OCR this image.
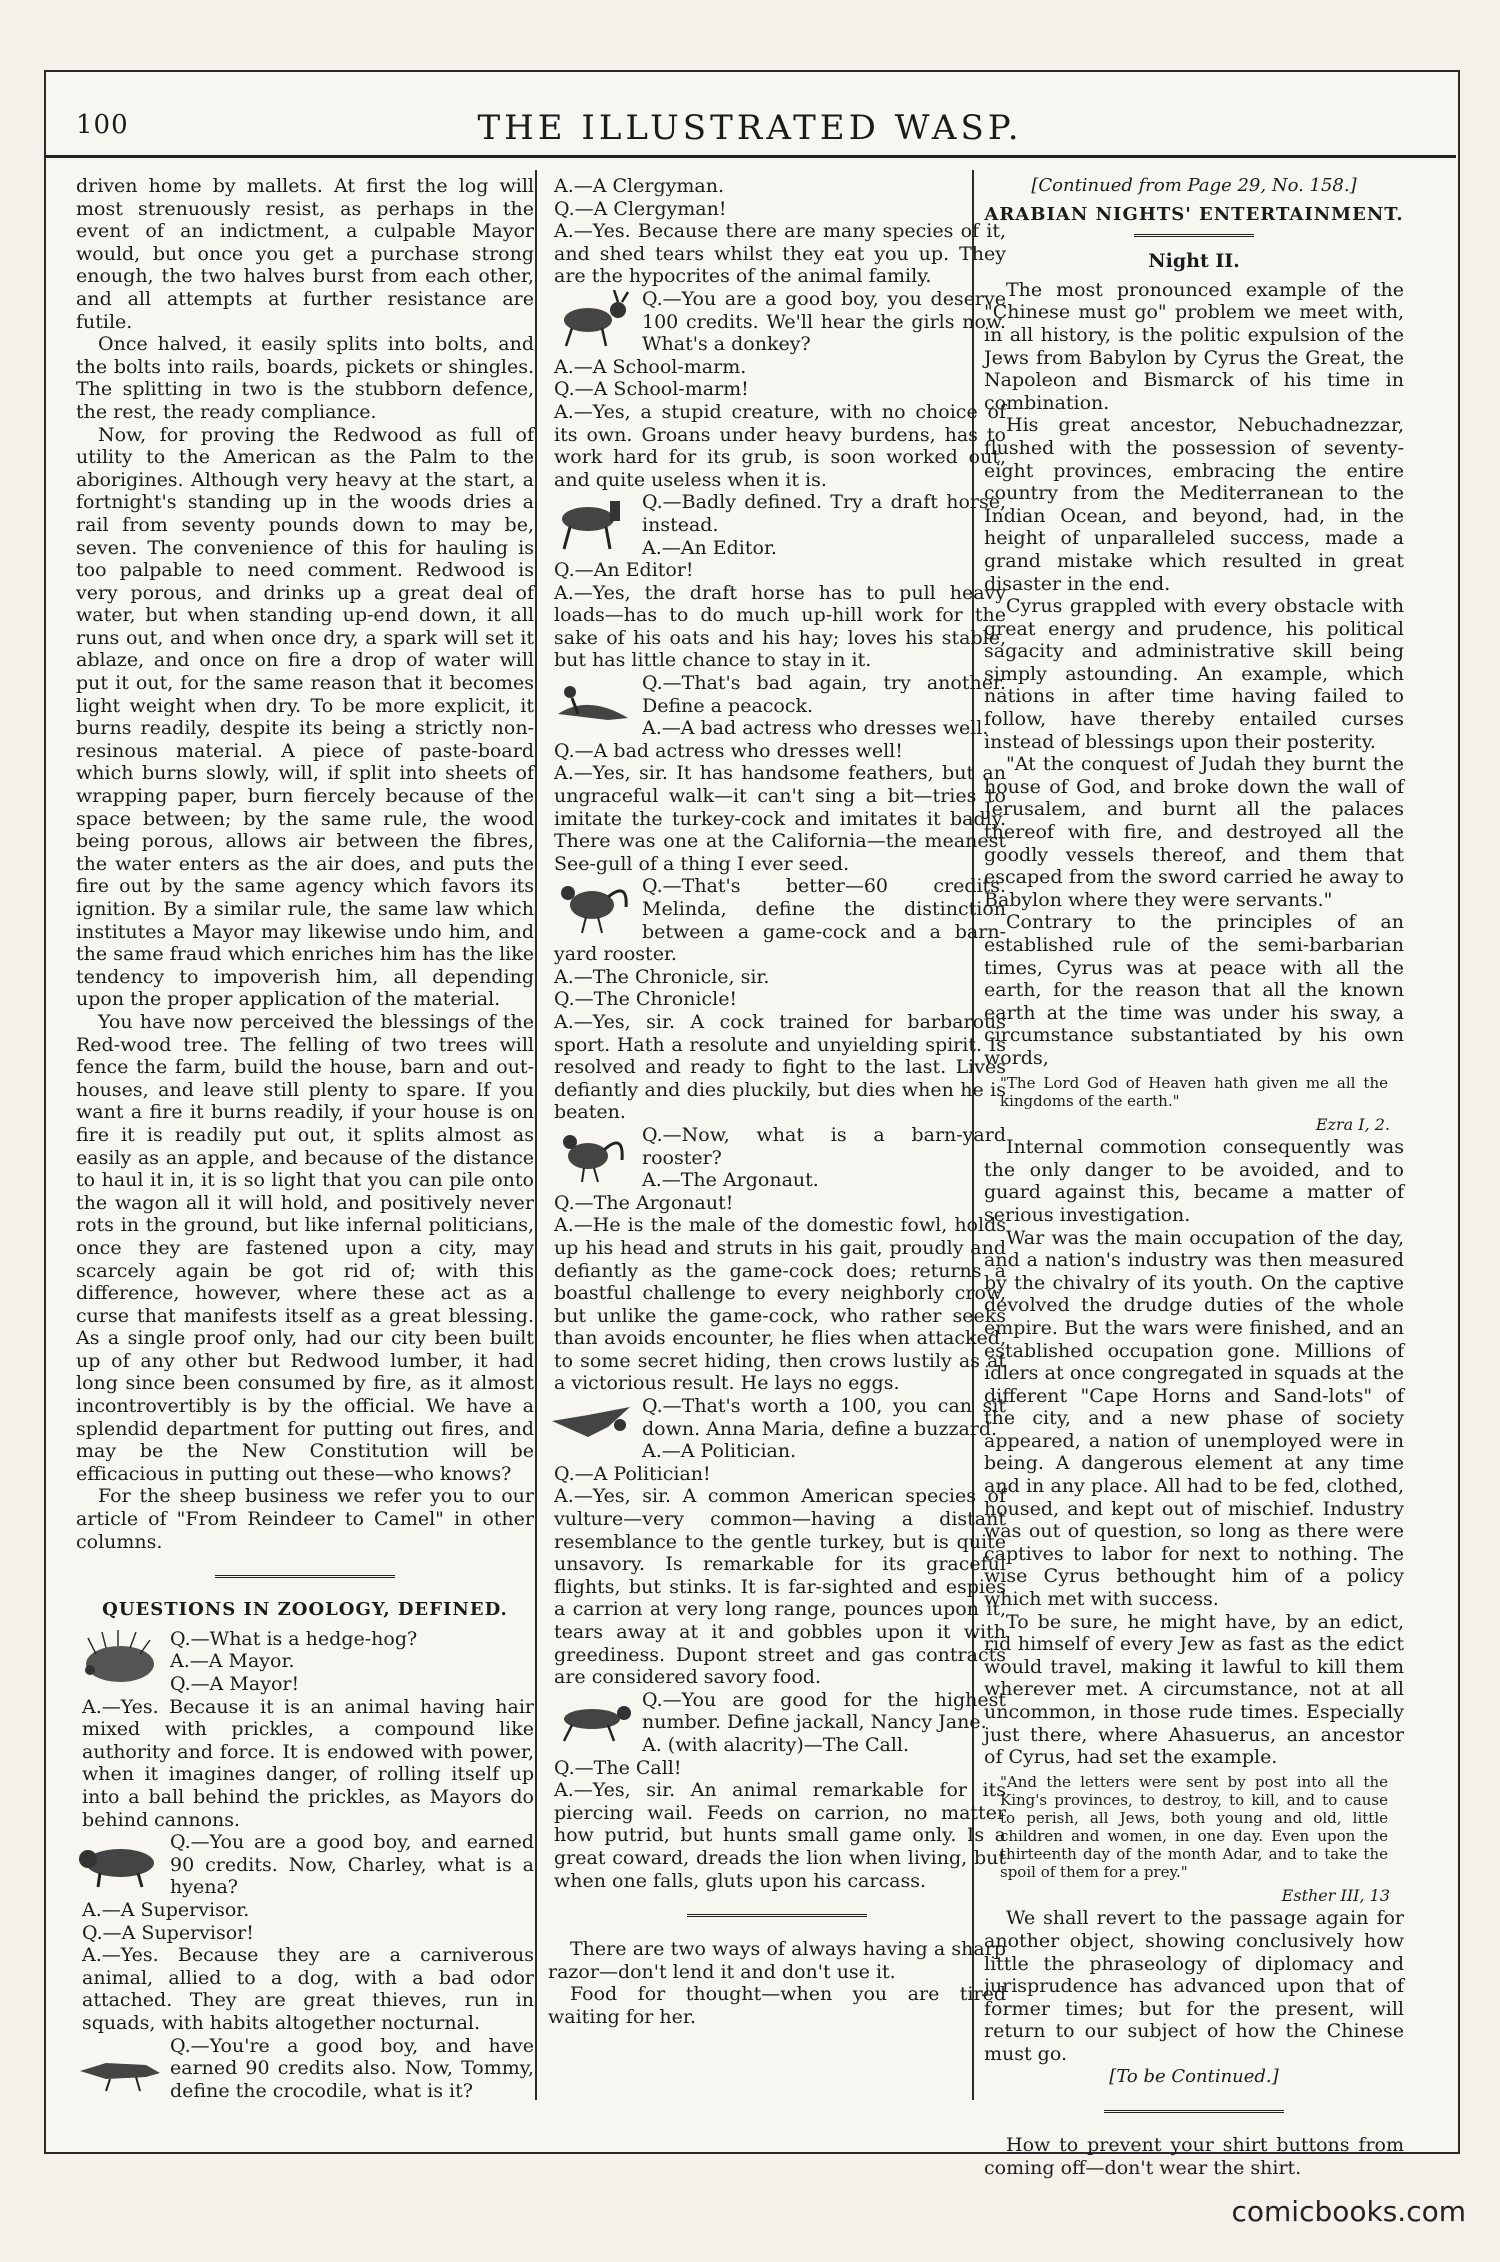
100	THE ILLUSTRATED WASP.

driven home by mallets. At first the log will most strenuously resist, as perhaps in the event of an indictment, a culpable Mayor would, but once you get a purchase strong enough, the two halves burst from each other, and all attempts at further resistance are futile.

Once halved, it easily splits into bolts, and the bolts into rails, boards, pickets or shingles. The splitting in two is the stubborn defence, the rest, the ready compliance.

Now, for proving the Redwood as full of utility to the American as the Palm to the aborigines. Although very heavy at the start, a fortnight's standing up in the woods dries a rail from seventy pounds down to may be, seven. The convenience of this for hauling is too palpable to need comment. Redwood is very porous, and drinks up a great deal of water, but when standing up-end down, it all runs out, and when once dry, a spark will set it ablaze, and once on fire a drop of water will put it out, for the same reason that it becomes light weight when dry. To be more explicit, it burns readily, despite its being a strictly non-resinous material. A piece of paste-board which burns slowly, will, if split into sheets of wrapping paper, burn fiercely because of the space between; by the same rule, the wood being porous, allows air between the fibres, the water enters as the air does, and puts the fire out by the same agency which favors its ignition. By a similar rule, the same law which institutes a Mayor may likewise undo him, and the same fraud which enriches him has the like tendency to impoverish him, all depending upon the proper application of the material.

You have now perceived the blessings of the Red-wood tree. The felling of two trees will fence the farm, build the house, barn and out-houses, and leave still plenty to spare. If you want a fire it burns readily, if your house is on fire it is readily put out, it splits almost as easily as an apple, and because of the distance to haul it in, it is so light that you can pile onto the wagon all it will hold, and positively never rots in the ground, but like infernal politicians, once they are fastened upon a city, may scarcely again be got rid of; with this difference, however, where these act as a curse that manifests itself as a great blessing. As a single proof only, had our city been built up of any other but Redwood lumber, it had long since been consumed by fire, as it almost incontrovertibly is by the official. We have a splendid department for putting out fires, and may be the New Constitution will be efficacious in putting out these—who knows?

For the sheep business we refer you to our article of "From Reindeer to Camel" in other columns.

QUESTIONS IN ZOOLOGY, DEFINED.

Q.—What is a hedge-hog?

A.—A Mayor.

Q.—A Mayor!

A.—Yes. Because it is an animal having hair mixed with prickles, a compound like authority and force. It is endowed with power, when it imagines danger, of rolling itself up into a ball behind the prickles, as Mayors do behind cannons.

Q.—You are a good boy, and earned 90 credits. Now, Charley, what is a hyena?

A.—A Supervisor.

Q.—A Supervisor!

A.—Yes. Because they are a carniverous animal, allied to a dog, with a bad odor attached. They are great thieves, run in squads, with habits altogether nocturnal.

Q.—You're a good boy, and have earned 90 credits also. Now, Tommy, define the crocodile, what is it?

A.—A Clergyman.

Q.—A Clergyman!

A.—Yes. Because there are many species of it, and shed tears whilst they eat you up. They are the hypocrites of the animal family.

Q.—You are a good boy, you deserve 100 credits. We'll hear the girls now. What's a donkey?

A.—A School-marm.

Q.—A School-marm!

A.—Yes, a stupid creature, with no choice of its own. Groans under heavy burdens, has to work hard for its grub, is soon worked out, and quite useless when it is.

Q.—Badly defined. Try a draft horse, instead.

A.—An Editor.

Q.—An Editor!

A.—Yes, the draft horse has to pull heavy loads—has to do much up-hill work for the sake of his oats and his hay; loves his stable, but has little chance to stay in it.

Q.—That's bad again, try another. Define a peacock.

A.—A bad actress who dresses well.

Q.—A bad actress who dresses well!

A.—Yes, sir. It has handsome feathers, but an ungraceful walk—it can't sing a bit—tries to imitate the turkey-cock and imitates it badly. There was one at the California—the meanest See-gull of a thing I ever seed.

Q.—That's better—60 credits. Melinda, define the distinction between a game-cock and a barn-yard rooster.

A.—The Chronicle, sir.

Q.—The Chronicle!

A.—Yes, sir. A cock trained for barbarous sport. Hath a resolute and unyielding spirit. Is resolved and ready to fight to the last. Lives defiantly and dies pluckily, but dies when he is beaten.

Q.—Now, what is a barn-yard rooster?

A.—The Argonaut.

Q.—The Argonaut!

A.—He is the male of the domestic fowl, holds up his head and struts in his gait, proudly and defiantly as the game-cock does; returns a boastful challenge to every neighborly crow, but unlike the game-cock, who rather seeks than avoids encounter, he flies when attacked, to some secret hiding, then crows lustily as at a victorious result. He lays no eggs.

Q.—That's worth a 100, you can sit down. Anna Maria, define a buzzard.

A.—A Politician.

Q.—A Politician!

A.—Yes, sir. A common American species of vulture—very common—having a distant resemblance to the gentle turkey, but is quite unsavory. Is remarkable for its graceful flights, but stinks. It is far-sighted and espies a carrion at very long range, pounces upon it, tears away at it and gobbles upon it with greediness. Dupont street and gas contracts are considered savory food.

Q.—You are good for the highest number. Define jackall, Nancy Jane.

A. (with alacrity)—The Call.

Q.—The Call!

A.—Yes, sir. An animal remarkable for its piercing wail. Feeds on carrion, no matter how putrid, but hunts small game only. Is a great coward, dreads the lion when living, but when one falls, gluts upon his carcass.

There are two ways of always having a sharp razor—don't lend it and don't use it.

Food for thought—when you are tired waiting for her.

[Continued from Page 29, No. 158.]

ARABIAN NIGHTS' ENTERTAINMENT.

Night II.

The most pronounced example of the "Chinese must go" problem we meet with, in all history, is the politic expulsion of the Jews from Babylon by Cyrus the Great, the Napoleon and Bismarck of his time in combination.

His great ancestor, Nebuchadnezzar, flushed with the possession of seventy-eight provinces, embracing the entire country from the Mediterranean to the Indian Ocean, and beyond, had, in the height of unparalleled success, made a grand mistake which resulted in great disaster in the end.

Cyrus grappled with every obstacle with great energy and prudence, his political sagacity and administrative skill being simply astounding. An example, which nations in after time having failed to follow, have thereby entailed curses instead of blessings upon their posterity.

"At the conquest of Judah they burnt the house of God, and broke down the wall of Jerusalem, and burnt all the palaces thereof with fire, and destroyed all the goodly vessels thereof, and them that escaped from the sword carried he away to Babylon where they were servants."

Contrary to the principles of an established rule of the semi-barbarian times, Cyrus was at peace with all the earth, for the reason that all the known earth at the time was under his sway, a circumstance substantiated by his own words,

"The Lord God of Heaven hath given me all the kingdoms of the earth."

Ezra I, 2.

Internal commotion consequently was the only danger to be avoided, and to guard against this, became a matter of serious investigation.

War was the main occupation of the day, and a nation's industry was then measured by the chivalry of its youth. On the captive devolved the drudge duties of the whole empire. But the wars were finished, and an established occupation gone. Millions of idlers at once congregated in squads at the different "Cape Horns and Sand-lots" of the city, and a new phase of society appeared, a nation of unemployed were in being. A dangerous element at any time and in any place. All had to be fed, clothed, housed, and kept out of mischief. Industry was out of question, so long as there were captives to labor for next to nothing. The wise Cyrus bethought him of a policy which met with success.

To be sure, he might have, by an edict, rid himself of every Jew as fast as the edict would travel, making it lawful to kill them wherever met. A circumstance, not at all uncommon, in those rude times. Especially just there, where Ahasuerus, an ancestor of Cyrus, had set the example.

"And the letters were sent by post into all the King's provinces, to destroy, to kill, and to cause to perish, all Jews, both young and old, little children and women, in one day. Even upon the thirteenth day of the month Adar, and to take the spoil of them for a prey."

Esther III, 13

We shall revert to the passage again for another object, showing conclusively how little the phraseology of diplomacy and jurisprudence has advanced upon that of former times; but for the present, will return to our subject of how the Chinese must go.

[To be Continued.]

How to prevent your shirt buttons from coming off—don't wear the shirt.

comicbooks.com
